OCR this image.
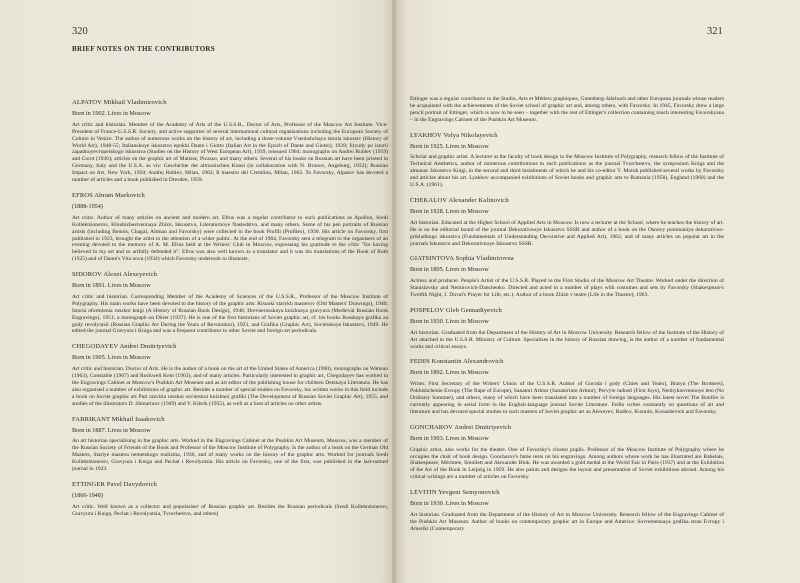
320
BRIEF NOTES ON THE CONTRIBUTORS
ALPATOV Mikhail Vladimirovich
Born in 1902. Lives in Moscow

Art critic and historian. Member of the Academy of Arts of the U.S.S.R., Doctor of Arts, Professor of the Moscow Art Institute. Vice-President of France-U.S.S.R. Society, and active supporter of several international cultural organisations including the European Society of Culture in Venice. The author of numerous works on the history of art, including a three-volume Vseobshchaya istoria iskusstv (History of World Art), 1948-55; Italianskoye iskusstvo epokhi Dante i Giotto (Italian Art in the Epoch of Dante and Giotto), 1939; Etyudy po istorii zapadnoyevropeiskogo iskusstva (Studies on the History of West European Art), 1939, reissued 1964; monographs on Andrei Rublev (1959) and Corot (1936); articles on the graphic art of Matisse, Picasso, and many others. Several of his books on Russian art have been printed in Germany, Italy and the U.S.A. as viz: Geschichte der altrussischen Kunst (in collaboration with N. Brunov, Augsburg, 1932); Russian Impact on Art, New York, 1950; Andrej Rublev, Milan, 1962; Il maestro del Cremlino, Milan, 1963. To Favorsky, Alpatov has devoted a number of articles and a book published in Dresden, 1959.

EFROS Abram Markovich
(1888-1954)

Art critic. Author of many articles on ancient and modern art. Efros was a regular contributor to such publications as Apollon, Sredi Kollektsionerov, Khudozhestvennaya Zhizn, Iskusstvo, Literaturnoye Nasledstvo, and many others. Some of his pen portraits of Russian artists (including Benois, Chagal, Altman and Favorsky) were collected in the book Profili (Profiles), 1930. His article on Favorsky, first published in 1923, brought the artist to the attention of a wider public. At the end of 1964, Favorsky sent a telegram to the organisers of an evening devoted to the memory of A. M. Efros held at the Writers' Club in Moscow, expressing his gratitude to the critic "for having believed in my art and so artfully defended it". Efros was also well known as a translator and it was his translations of the Book of Ruth (1925) and of Dante's Vita nova (1934) which Favorsky undertook to illustrate.

SIDOROV Alexei Alexeyevich
Born in 1891. Lives in Moscow

Art critic and historian. Corresponding Member of the Academy of Sciences of the U.S.S.R., Professor of the Moscow Institute of Polygraphy. His main works have been devoted to the history of the graphic arts: Risunki starykh masterov (Old Masters' Drawings), 1940; Istoria oformlenia russkoi knigi (A History of Russian Book Design), 1946; Drevnerusskaya knizhnaya gravyura (Medieval Russian Book Engravings), 1951; a monograph on Dürer (1937). He is one of the first historians of Soviet graphic art, cf. his books Russkaya grafika za gody revolyutsii (Russian Graphic Art During the Years of Revolution), 1923, and Grafika (Graphic Art), Sovietskoye Iskusstvo, 1949. He edited the journal Gravyura i Kniga and was a frequent contributor to other Soviet and foreign art periodicals.

CHEGODAYEV Andrei Dmitriyevich
Born in 1905. Lives in Moscow

Art critic and historian. Doctor of Arts. He is the author of a book on the art of the United States of America (1960), monographs on Watteau (1963), Constable (1967) and Rockwell Kent (1963), and of many articles. Particularly interested in graphic art, Chegodayev has worked in the Engravings Cabinet at Moscow's Pushkin Art Museum and as art editor of the publishing house for children Detskaya Literatura. He has also organised a number of exhibitions of graphic art. Besides a number of special studies on Favorsky, his written works in this field include a book on Soviet graphic art Puti razvitia russkoi sovietskoi knizhnoi grafiki (The Development of Russian Soviet Graphic Art), 1955, and studies of the illustrators D. Shmarinov (1949) and Y. Kibrik (1955), as well as a host of articles on other artists.

FABRIKANT Mikhail Isaakovich
Born in 1887. Lives in Moscow

An art historian specialising in the graphic arts. Worked in the Engravings Cabinet at the Pushkin Art Museum, Moscow, was a member of the Russian Society of Friends of the Book and Professor of the Moscow Institute of Polygraphy. Is the author of a book on the German Old Masters, Stariye mastera nemetskogo realizma, 1936, and of many works on the history of the graphic arts. Worked for journals Sredi Kollektsionerov, Gravyura i Kniga and Pechat i Revolyutsia. His article on Favorsky, one of the first, was published in the last-named journal in 1923.

ETTINGER Pavel Davydovich
(1866-1948)

Art critic. Well known as a collector and populariser of Russian graphic art. Besides the Russian periodicals (Sredi Kollektsionerov, Gravyura i Kniga, Pechat i Revolyutsia, Tvorchestvo, and others)

321

Ettinger was a regular contributor to the Studio, Arts et Métiers graphiques, Gutenberg-Jahrbuch and other European journals whose readers he acquainted with the achievements of the Soviet school of graphic art and, among others, with Favorsky. In 1945, Favorsky drew a large pencil portrait of Ettinger, which is now to be seen – together with the rest of Ettinger's collection containing much interesting Favorskyana – in the Engravings Cabinet of the Pushkin Art Museum.

LYAKHOV Volya Nikolayevich
Born in 1925. Lives in Moscow

Scholar and graphic artist. A lecturer at the faculty of book design in the Moscow Institute of Polygraphy, research fellow of the Institute of Technical Aesthetics, author of numerous contributions to such publications as the journal Tvorchestvo, the symposium Kniga and the almanac Iskusstvo Knigi, in the second and third instalments of which he and his co-editor Y. Molok published several works by Favorsky and articles about his art. Lyakhov accompanied exhibitions of Soviet books and graphic arts to Rumania (1958), England (1960) and the U.S.A. (1961).

CHEKALOV Alexander Kalinovich
Born in 1928. Lives in Moscow

Art historian. Educated at the Higher School of Applied Arts in Moscow. Is now a lecturer at the School, where he teaches the history of art. He is on the editorial board of the journal Dekorativnoye Iskusstvo SSSR and author of a book on the Osnovy ponimaniya dekorativno-prikladnogo iskusstva (Fundamentals of Understanding Decorative and Applied Art), 1962, and of many articles on popular art in the journals Iskusstvo and Dekorativnoye Iskusstvo SSSR.

GIATSINTOVA Sophia Vladimirovna
Born in 1895. Lives in Moscow

Actress and producer. People's Artist of the U.S.S.R. Played in the First Studio of the Moscow Art Theatre. Worked under the direction of Stanislavsky and Nemirovich-Danchenko. Directed and acted in a number of plays with costumes and sets by Favorsky (Shakespeare's Twelfth Night, J. Duval's Prayer for Life, etc.). Author of a book Zhizn v teatre (Life in the Theatre), 1963.

POSPELOV Gleb Gennadiyevich
Born in 1930. Lives in Moscow

Art historian. Graduated from the Department of the History of Art in Moscow University. Research fellow of the Institute of the History of Art attached to the U.S.S.R. Ministry of Culture. Specialises in the history of Russian drawing, is the author of a number of fundamental works and critical essays.

FEDIN Konstantin Alexandrovich
Born in 1892. Lives in Moscow

Writer. First Secretary of the Writers' Union of the U.S.S.R. Author of Goroda i gody (Cities and Years), Bratya (The Brothers), Pokhishchenie Evropy (The Rape of Europe), Sanatori Arktur (Sanatorium Arktur), Pervyie radosti (First Joys), Neobyknovennoye leto (No Ordinary Summer), and others, many of which have been translated into a number of foreign languages. His latest novel The Bonfire is currently appearing in serial form in the English-language journal Soviet Literature. Fedin writes constantly on questions of art and literature and has devoted special studies to such masters of Soviet graphic art as Alexeyev, Radlov, Kuzmin, Konashevich and Favorsky.

GONCHAROV Andrei Dmitriyevich
Born in 1903. Lives in Moscow

Graphic artist, also works for the theatre. One of Favorsky's closest pupils. Professor of the Moscow Institute of Polygraphy where he occupies the chair of book design. Goncharov's fame rests on his engravings. Among authors whose work he has illustrated are Rabelais, Shakespeare, Mérimée, Smollett and Alexander Blok. He was awarded a gold medal at the World Fair in Paris (1937) and at the Exhibition of the Art of the Book in Leipzig in 1959. He also paints and designs the layout and presentation of Soviet exhibitions abroad. Among his critical writings are a number of articles on Favorsky.

LEVITIN Yevgeni Semyonovich
Born in 1930. Lives in Moscow

Art historian. Graduated from the Department of the History of Art in Moscow University. Research fellow of the Engravings Cabinet of the Pushkin Art Museum. Author of books on contemporary graphic art in Europe and America: Sovremennaya grafika stran Evropy i Ameriki (Contemporary
